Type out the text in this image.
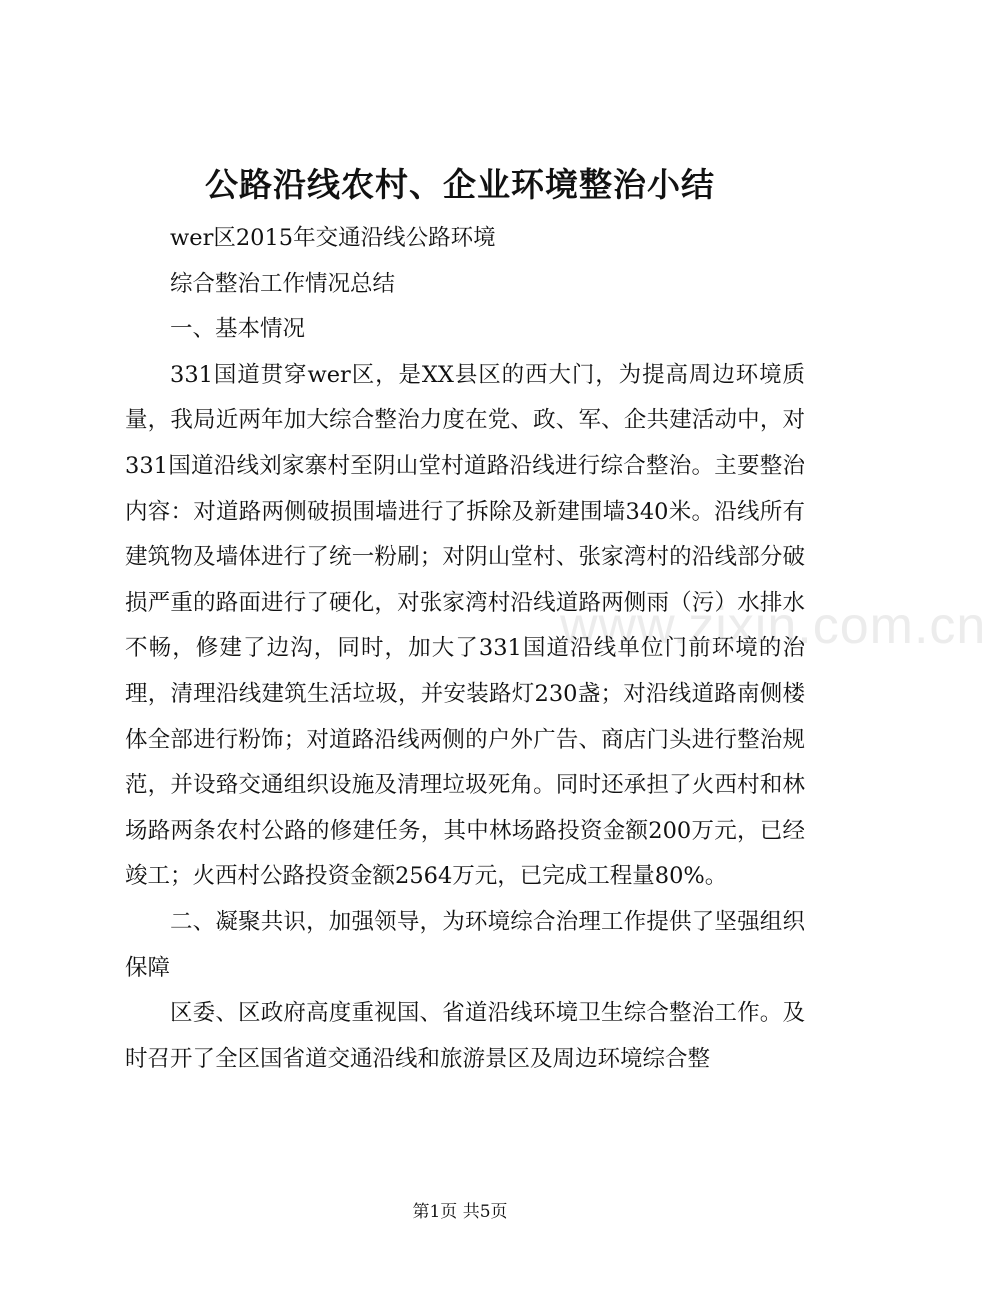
www.zixin.com.cn
公路沿线农村、企业环境整治小结

wer区2015年交通沿线公路环境

综合整治工作情况总结

一、基本情况

331国道贯穿wer区，是XX县区的西大门，为提高周边环境质量，我局近两年加大综合整治力度在党、政、军、企共建活动中，对331国道沿线刘家寨村至阴山堂村道路沿线进行综合整治。主要整治内容：对道路两侧破损围墙进行了拆除及新建围墙340米。沿线所有建筑物及墙体进行了统一粉刷；对阴山堂村、张家湾村的沿线部分破损严重的路面进行了硬化，对张家湾村沿线道路两侧雨（污）水排水不畅，修建了边沟，同时，加大了331国道沿线单位门前环境的治理，清理沿线建筑生活垃圾，并安装路灯230盏；对沿线道路南侧楼体全部进行粉饰；对道路沿线两侧的户外广告、商店门头进行整治规范，并设臵交通组织设施及清理垃圾死角。同时还承担了火西村和林场路两条农村公路的修建任务，其中林场路投资金额200万元，已经竣工；火西村公路投资金额2564万元，已完成工程量80%。

二、凝聚共识，加强领导，为环境综合治理工作提供了坚强组织保障

区委、区政府高度重视国、省道沿线环境卫生综合整治工作。及时召开了全区国省道交通沿线和旅游景区及周边环境综合整

第1页 共5页
